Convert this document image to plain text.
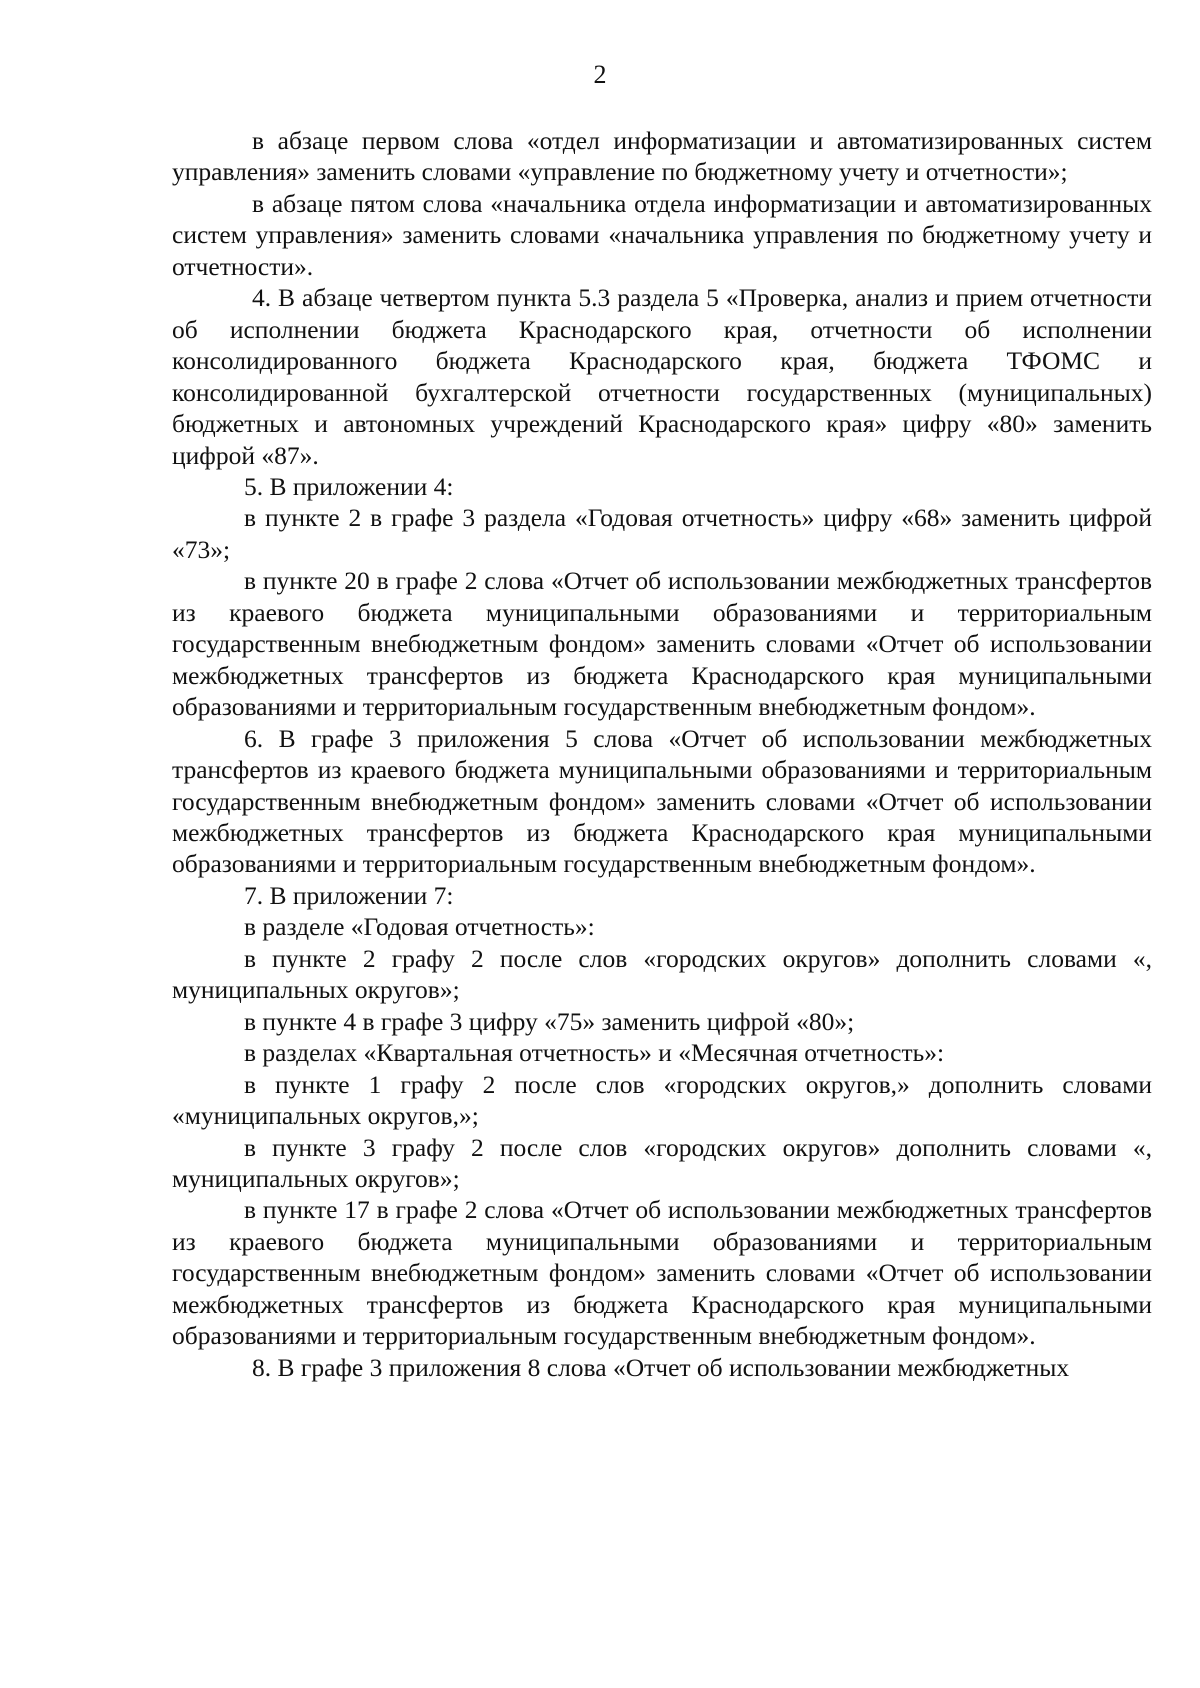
2

в абзаце первом слова «отдел информатизации и автоматизированных систем управления» заменить словами «управление по бюджетному учету и отчетности»;

в абзаце пятом слова «начальника отдела информатизации и автоматизированных систем управления» заменить словами «начальника управления по бюджетному учету и отчетности».

4. В абзаце четвертом пункта 5.3 раздела 5 «Проверка, анализ и прием отчетности об исполнении бюджета Краснодарского края, отчетности об исполнении консолидированного бюджета Краснодарского края, бюджета ТФОМС и консолидированной бухгалтерской отчетности государственных (муниципальных) бюджетных и автономных учреждений Краснодарского края» цифру «80» заменить цифрой «87».

5. В приложении 4:

в пункте 2 в графе 3 раздела «Годовая отчетность» цифру «68» заменить цифрой «73»;

в пункте 20 в графе 2 слова «Отчет об использовании межбюджетных трансфертов из краевого бюджета муниципальными образованиями и территориальным государственным внебюджетным фондом» заменить словами «Отчет об использовании межбюджетных трансфертов из бюджета Краснодарского края муниципальными образованиями и территориальным государственным внебюджетным фондом».

6. В графе 3 приложения 5 слова «Отчет об использовании межбюджетных трансфертов из краевого бюджета муниципальными образованиями и территориальным государственным внебюджетным фондом» заменить словами «Отчет об использовании межбюджетных трансфертов из бюджета Краснодарского края муниципальными образованиями и территориальным государственным внебюджетным фондом».

7. В приложении 7:

в разделе «Годовая отчетность»:

в пункте 2 графу 2 после слов «городских округов» дополнить словами «, муниципальных округов»;

в пункте 4 в графе 3 цифру «75» заменить цифрой «80»;

в разделах «Квартальная отчетность» и «Месячная отчетность»:

в пункте 1 графу 2 после слов «городских округов,» дополнить словами «муниципальных округов,»;

в пункте 3 графу 2 после слов «городских округов» дополнить словами «, муниципальных округов»;

в пункте 17 в графе 2 слова «Отчет об использовании межбюджетных трансфертов из краевого бюджета муниципальными образованиями и территориальным государственным внебюджетным фондом» заменить словами «Отчет об использовании межбюджетных трансфертов из бюджета Краснодарского края муниципальными образованиями и территориальным государственным внебюджетным фондом».

8. В графе 3 приложения 8 слова «Отчет об использовании межбюджетных
